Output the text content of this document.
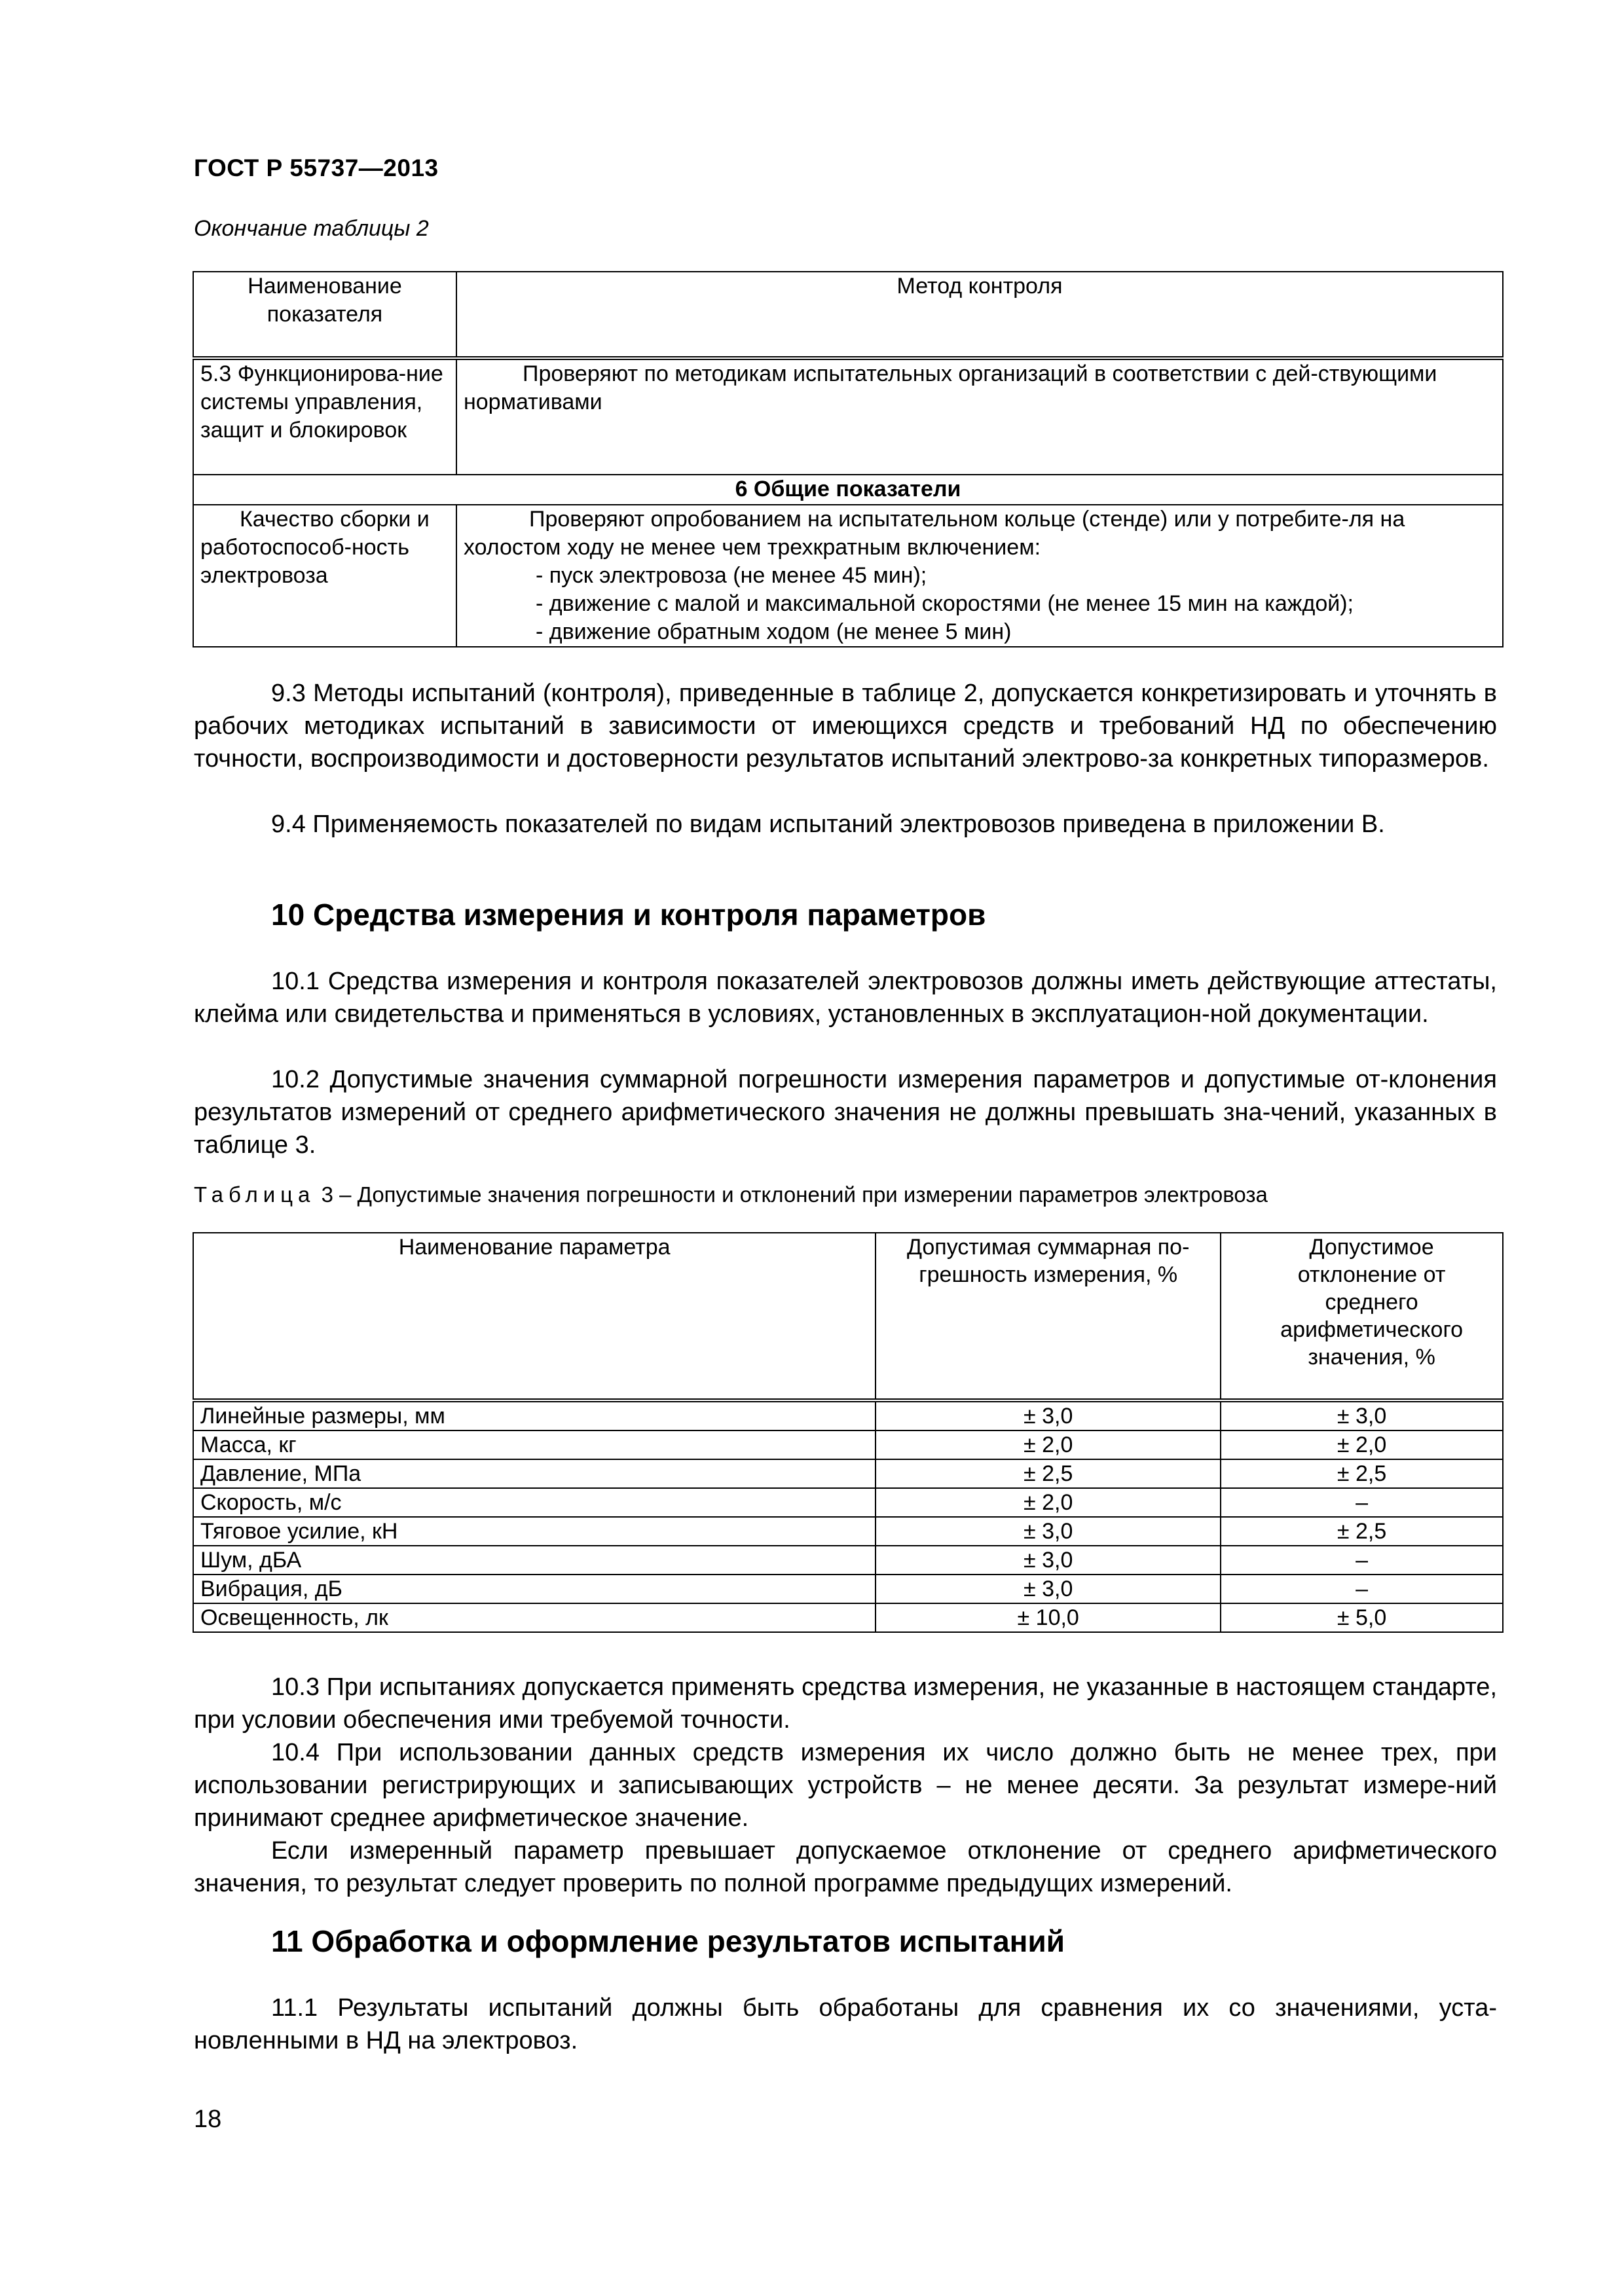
ГОСТ Р 55737—2013
Окончание таблицы 2
Наименование показателя	Метод контроля
5.3 Функционирова-ние системы управления, защит и блокировок	Проверяют по методикам испытательных организаций в соответствии с дей-ствующими нормативами
6 Общие показатели	
Качество сборки и работоспособ-ность электровоза	Проверяют опробованием на испытательном кольце (стенде) или у потребите-ля на холостом ходу не менее чем трехкратным включением:
- пуск электровоза (не менее 45 мин);
- движение с малой и максимальной скоростями (не менее 15 мин на каждой);
- движение обратным ходом (не менее 5 мин)
9.3 Методы испытаний (контроля), приведенные в таблице 2, допускается конкретизировать и уточнять в рабочих методиках испытаний в зависимости от имеющихся средств и требований НД по обеспечению точности, воспроизводимости и достоверности результатов испытаний электрово-за конкретных типоразмеров.
9.4 Применяемость показателей по видам испытаний электровозов приведена в приложении В.
10 Средства измерения и контроля параметров
10.1 Средства измерения и контроля показателей электровозов должны иметь действующие аттестаты, клейма или свидетельства и применяться в условиях, установленных в эксплуатацион-ной документации.
10.2 Допустимые значения суммарной погрешности измерения параметров и допустимые от-клонения результатов измерений от среднего арифметического значения не должны превышать зна-чений, указанных в таблице 3.
Таблица 3 – Допустимые значения погрешности и отклонений при измерении параметров электровоза
Наименование параметра	Допустимая суммарная по-грешность измерения, %	Допустимое отклонение от среднего арифметического значения, %
Линейные размеры, мм	± 3,0	± 3,0
Масса, кг	± 2,0	± 2,0
Давление, МПа	± 2,5	± 2,5
Скорость, м/с	± 2,0	–
Тяговое усилие, кН	± 3,0	± 2,5
Шум, дБА	± 3,0	–
Вибрация, дБ	± 3,0	–
Освещенность, лк	± 10,0	± 5,0
10.3 При испытаниях допускается применять средства измерения, не указанные в настоящем стандарте, при условии обеспечения ими требуемой точности.
10.4 При использовании данных средств измерения их число должно быть не менее трех, при использовании регистрирующих и записывающих устройств – не менее десяти. За результат измере-ний принимают среднее арифметическое значение.
Если измеренный параметр превышает допускаемое отклонение от среднего арифметического значения, то результат следует проверить по полной программе предыдущих измерений.
11 Обработка и оформление результатов испытаний
11.1 Результаты испытаний должны быть обработаны для сравнения их со значениями, уста-новленными в НД на электровоз.
18
